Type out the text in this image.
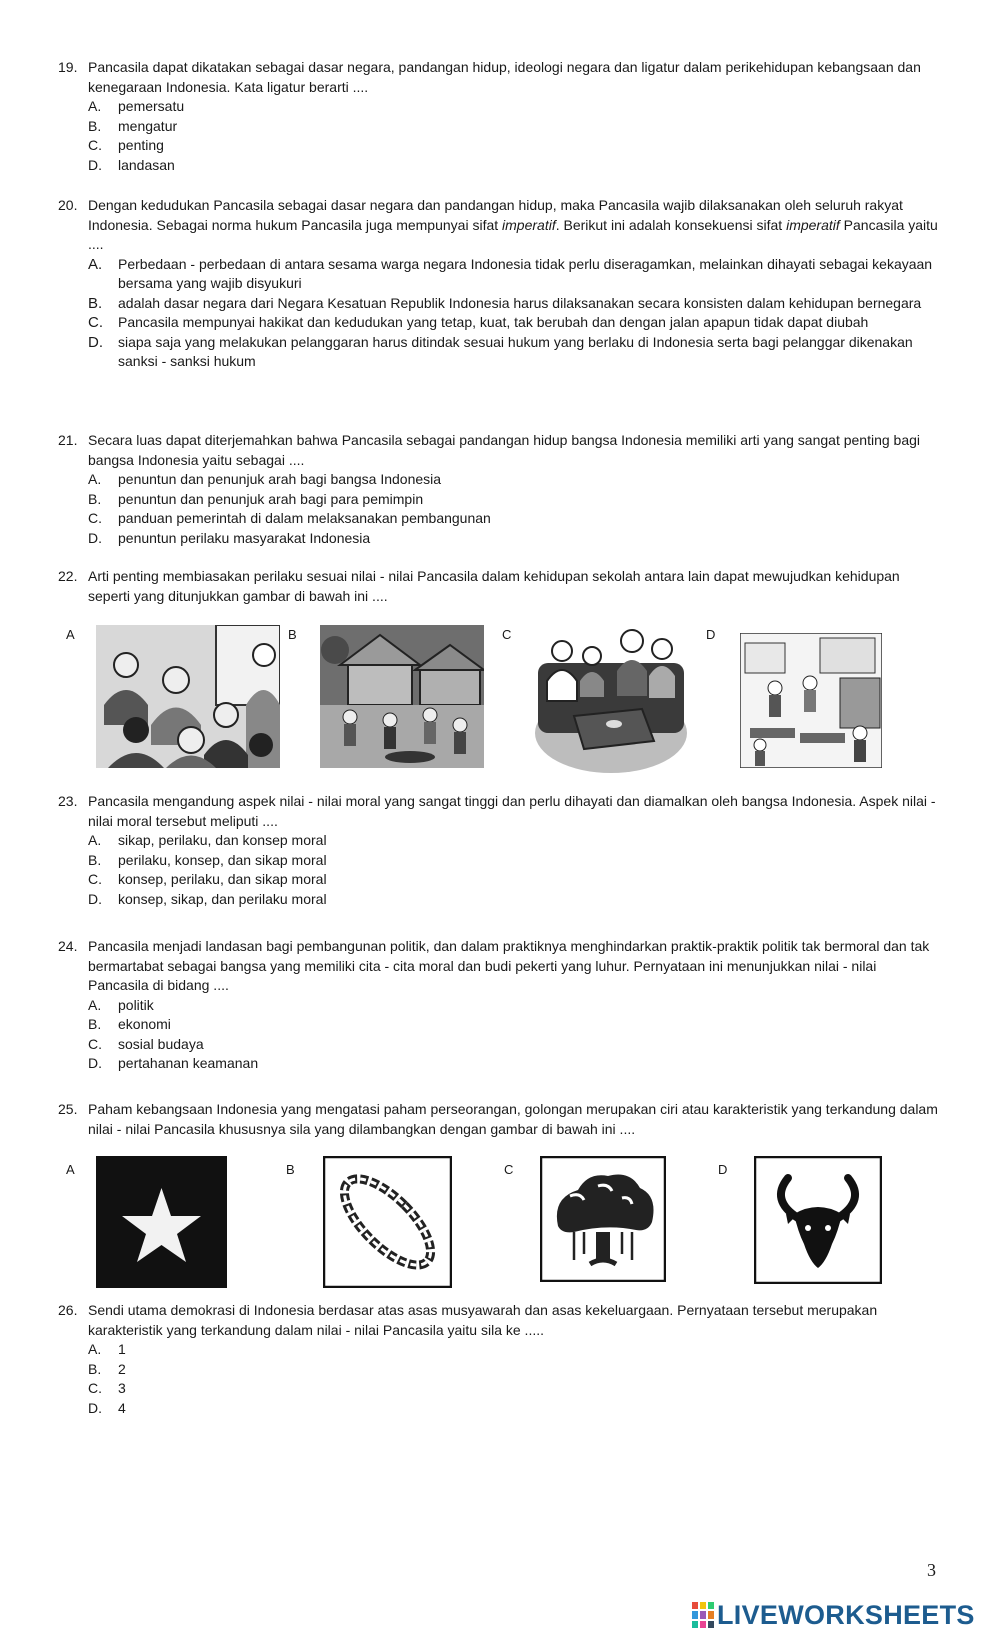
19. Pancasila dapat dikatakan sebagai dasar negara, pandangan hidup, ideologi negara dan ligatur dalam perikehidupan kebangsaan dan kenegaraan Indonesia. Kata ligatur berarti ....
A. pemersatu
B. mengatur
C. penting
D. landasan
20. Dengan kedudukan Pancasila sebagai dasar negara dan pandangan hidup, maka Pancasila wajib dilaksanakan oleh seluruh rakyat Indonesia. Sebagai norma hukum Pancasila juga mempunyai sifat imperatif. Berikut ini adalah konsekuensi sifat imperatif Pancasila yaitu ....
A. Perbedaan - perbedaan di antara sesama warga negara Indonesia tidak perlu diseragamkan, melainkan dihayati sebagai kekayaan bersama yang wajib disyukuri
B. adalah dasar negara dari Negara Kesatuan Republik Indonesia harus dilaksanakan secara konsisten dalam kehidupan bernegara
C. Pancasila mempunyai hakikat dan kedudukan yang tetap, kuat, tak berubah dan dengan jalan apapun tidak dapat diubah
D. siapa saja yang melakukan pelanggaran harus ditindak sesuai hukum yang berlaku di Indonesia serta bagi pelanggar dikenakan sanksi - sanksi hukum
21. Secara luas dapat diterjemahkan bahwa Pancasila sebagai pandangan hidup bangsa Indonesia memiliki arti yang sangat penting bagi bangsa Indonesia yaitu sebagai ....
A. penuntun dan penunjuk arah bagi bangsa Indonesia
B. penuntun dan penunjuk arah bagi para pemimpin
C. panduan pemerintah di dalam melaksanakan pembangunan
D. penuntun perilaku masyarakat Indonesia
22. Arti penting membiasakan perilaku sesuai nilai - nilai Pancasila dalam kehidupan sekolah antara lain dapat mewujudkan kehidupan seperti yang ditunjukkan gambar di bawah ini ....
A	B	C	D
23. Pancasila mengandung aspek nilai - nilai moral yang sangat tinggi dan perlu dihayati dan diamalkan oleh bangsa Indonesia. Aspek nilai - nilai moral tersebut meliputi ....
A. sikap, perilaku, dan konsep moral
B. perilaku, konsep, dan sikap moral
C. konsep, perilaku, dan sikap moral
D. konsep, sikap, dan perilaku moral
24. Pancasila menjadi landasan bagi pembangunan politik, dan dalam praktiknya menghindarkan praktik-praktik politik tak bermoral dan tak bermartabat sebagai bangsa yang memiliki cita - cita moral dan budi pekerti yang luhur. Pernyataan ini menunjukkan nilai - nilai Pancasila di bidang ....
A. politik
B. ekonomi
C. sosial budaya
D. pertahanan keamanan
25. Paham kebangsaan Indonesia yang mengatasi paham perseorangan, golongan merupakan ciri atau karakteristik yang terkandung dalam nilai - nilai Pancasila khususnya sila yang dilambangkan dengan gambar di bawah ini ....
A	B	C	D
26. Sendi utama demokrasi di Indonesia berdasar atas asas musyawarah dan asas kekeluargaan. Pernyataan tersebut merupakan karakteristik yang terkandung dalam nilai - nilai Pancasila yaitu sila ke .....
A. 1
B. 2
C. 3
D. 4
3
LIVEWORKSHEETS
